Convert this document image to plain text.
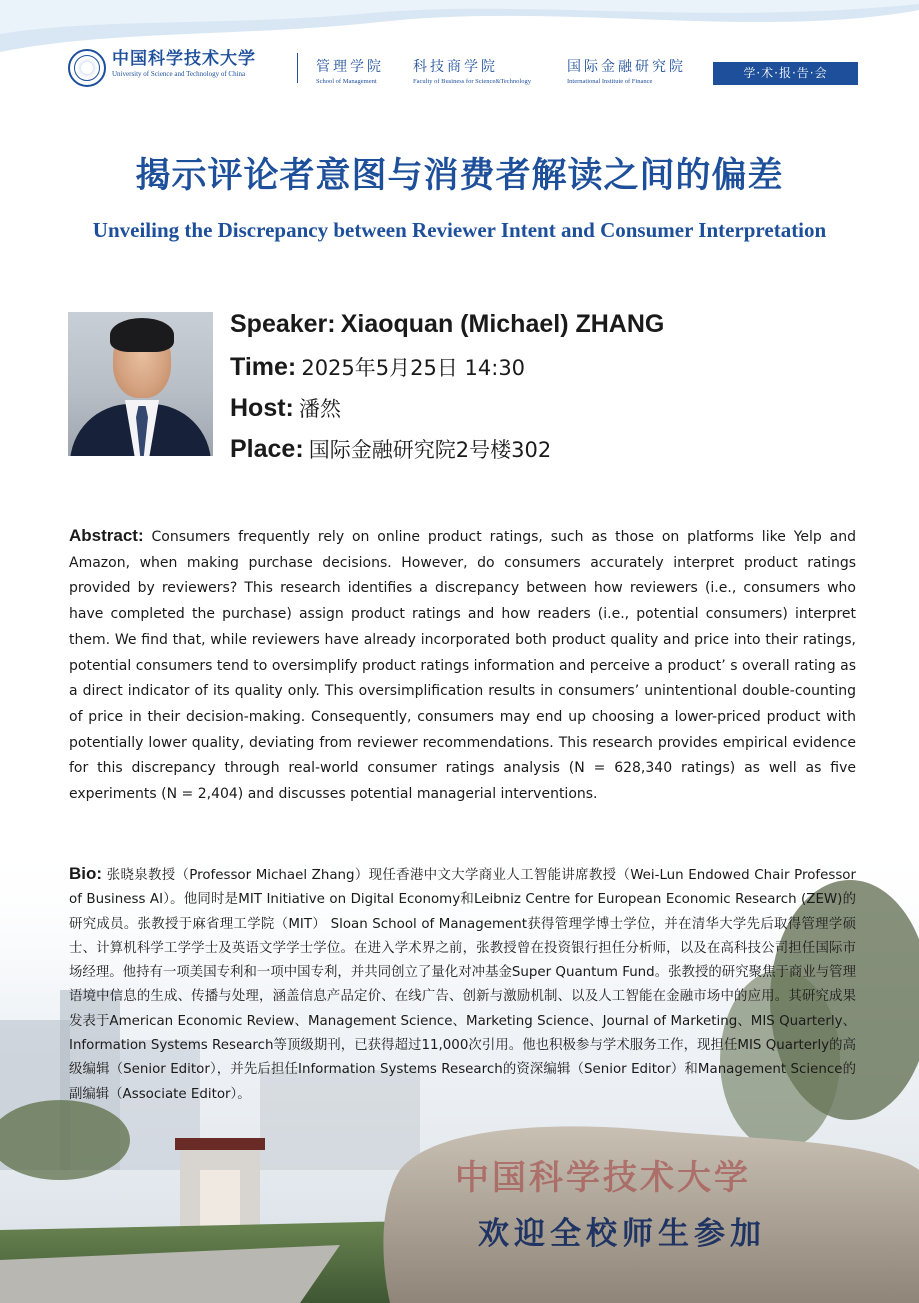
中国科学技术大学
University of Science and Technology of China	管理学院
School of Management
科技商学院
Faculty of Business for Science&Technology
国际金融研究院
International Institute of Finance
学·术·报·告·会
揭示评论者意图与消费者解读之间的偏差
Unveiling the Discrepancy between Reviewer Intent and Consumer Interpretation
Speaker: Xiaoquan (Michael) ZHANG
Time: 2025年5月25日 14:30
Host: 潘然
Place: 国际金融研究院2号楼302
中国科学技术大学
欢迎全校师生参加
Abstract: Consumers frequently rely on online product ratings, such as those on platforms like Yelp and Amazon, when making purchase decisions. However, do consumers accurately interpret product ratings provided by reviewers? This research identifies a discrepancy between how reviewers (i.e., consumers who have completed the purchase) assign product ratings and how readers (i.e., potential consumers) interpret them. We find that, while reviewers have already incorporated both product quality and price into their ratings, potential consumers tend to oversimplify product ratings information and perceive a product’ s overall rating as a direct indicator of its quality only. This oversimplification results in consumers’ unintentional double-counting of price in their decision-making. Consequently, consumers may end up choosing a lower-priced product with potentially lower quality, deviating from reviewer recommendations. This research provides empirical evidence for this discrepancy through real-world consumer ratings analysis (N = 628,340 ratings) as well as five experiments (N = 2,404) and discusses potential managerial interventions.
Bio: 张晓泉教授（Professor Michael Zhang）现任香港中文大学商业人工智能讲席教授（Wei-Lun Endowed Chair Professor of Business AI）。他同时是MIT Initiative on Digital Economy和Leibniz Centre for European Economic Research (ZEW)的研究成员。张教授于麻省理工学院（MIT） Sloan School of Management获得管理学博士学位，并在清华大学先后取得管理学硕士、计算机科学工学学士及英语文学学士学位。在进入学术界之前，张教授曾在投资银行担任分析师，以及在高科技公司担任国际市场经理。他持有一项美国专利和一项中国专利，并共同创立了量化对冲基金Super Quantum Fund。张教授的研究聚焦于商业与管理语境中信息的生成、传播与处理，涵盖信息产品定价、在线广告、创新与激励机制、以及人工智能在金融市场中的应用。其研究成果发表于American Economic Review、Management Science、Marketing Science、Journal of Marketing、MIS Quarterly、Information Systems Research等顶级期刊，已获得超过11,000次引用。他也积极参与学术服务工作，现担任MIS Quarterly的高级编辑（Senior Editor），并先后担任Information Systems Research的资深编辑（Senior Editor）和Management Science的副编辑（Associate Editor）。
